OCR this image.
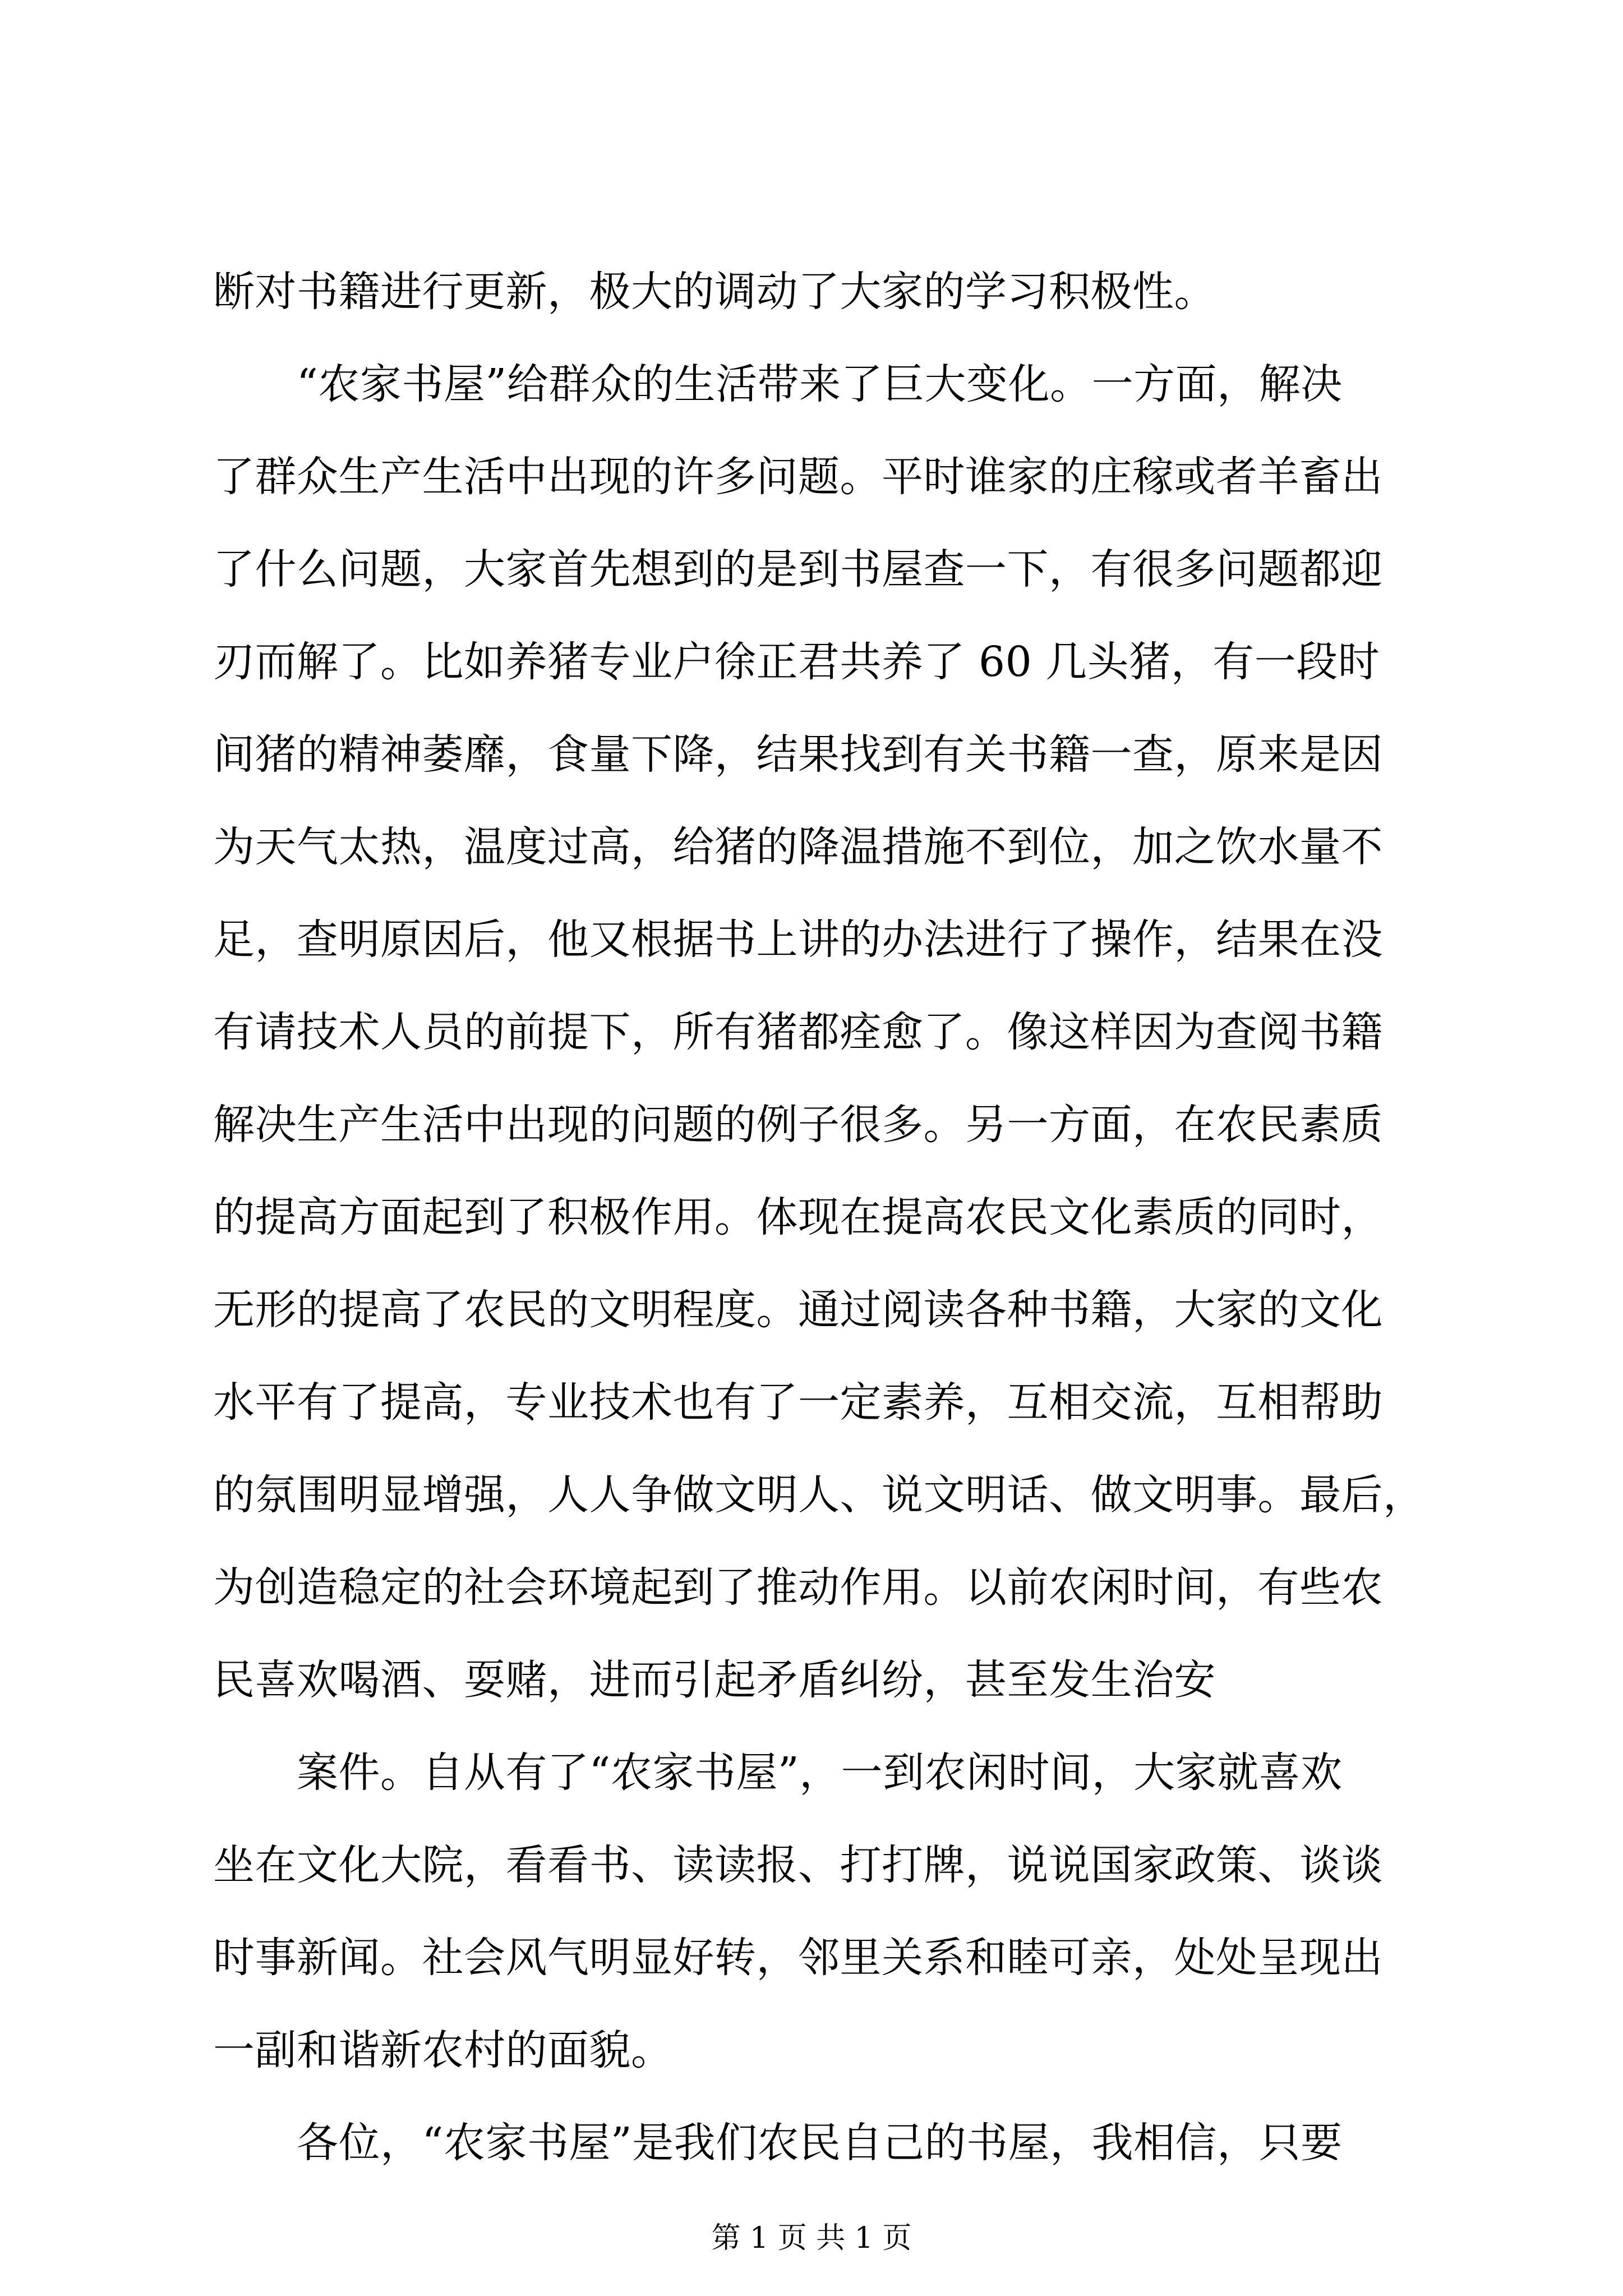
断对书籍进行更新，极大的调动了大家的学习积极性。
　　“农家书屋”给群众的生活带来了巨大变化。一方面，解决
了群众生产生活中出现的许多问题。平时谁家的庄稼或者羊畜出
了什么问题，大家首先想到的是到书屋查一下，有很多问题都迎
刃而解了。比如养猪专业户徐正君共养了 60 几头猪，有一段时
间猪的精神萎靡，食量下降，结果找到有关书籍一查，原来是因
为天气太热，温度过高，给猪的降温措施不到位，加之饮水量不
足，查明原因后，他又根据书上讲的办法进行了操作，结果在没
有请技术人员的前提下，所有猪都痊愈了。像这样因为查阅书籍
解决生产生活中出现的问题的例子很多。另一方面，在农民素质
的提高方面起到了积极作用。体现在提高农民文化素质的同时，
无形的提高了农民的文明程度。通过阅读各种书籍，大家的文化
水平有了提高，专业技术也有了一定素养，互相交流，互相帮助
的氛围明显增强，人人争做文明人、说文明话、做文明事。最后，
为创造稳定的社会环境起到了推动作用。以前农闲时间，有些农
民喜欢喝酒、耍赌，进而引起矛盾纠纷，甚至发生治安
　　案件。自从有了“农家书屋”，一到农闲时间，大家就喜欢
坐在文化大院，看看书、读读报、打打牌，说说国家政策、谈谈
时事新闻。社会风气明显好转，邻里关系和睦可亲，处处呈现出
一副和谐新农村的面貌。
　　各位，“农家书屋”是我们农民自己的书屋，我相信，只要
第 1 页 共 1 页
